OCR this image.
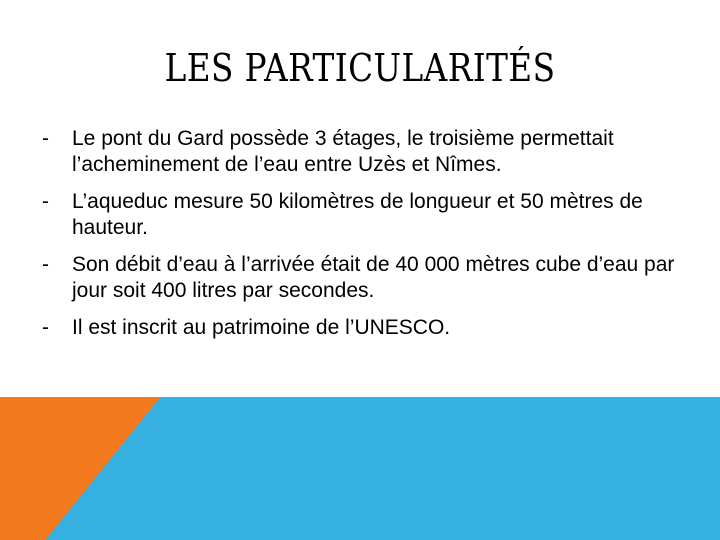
LES PARTICULARITÉS
-	Le pont du Gard possède 3 étages, le troisième permettait l’acheminement de l’eau entre Uzès et Nîmes.
-	L’aqueduc mesure 50 kilomètres de longueur et 50 mètres de hauteur.
-	Son débit d’eau à l’arrivée était de 40 000 mètres cube d’eau par jour soit 400 litres par secondes.
-	Il est inscrit au patrimoine de l’UNESCO.
